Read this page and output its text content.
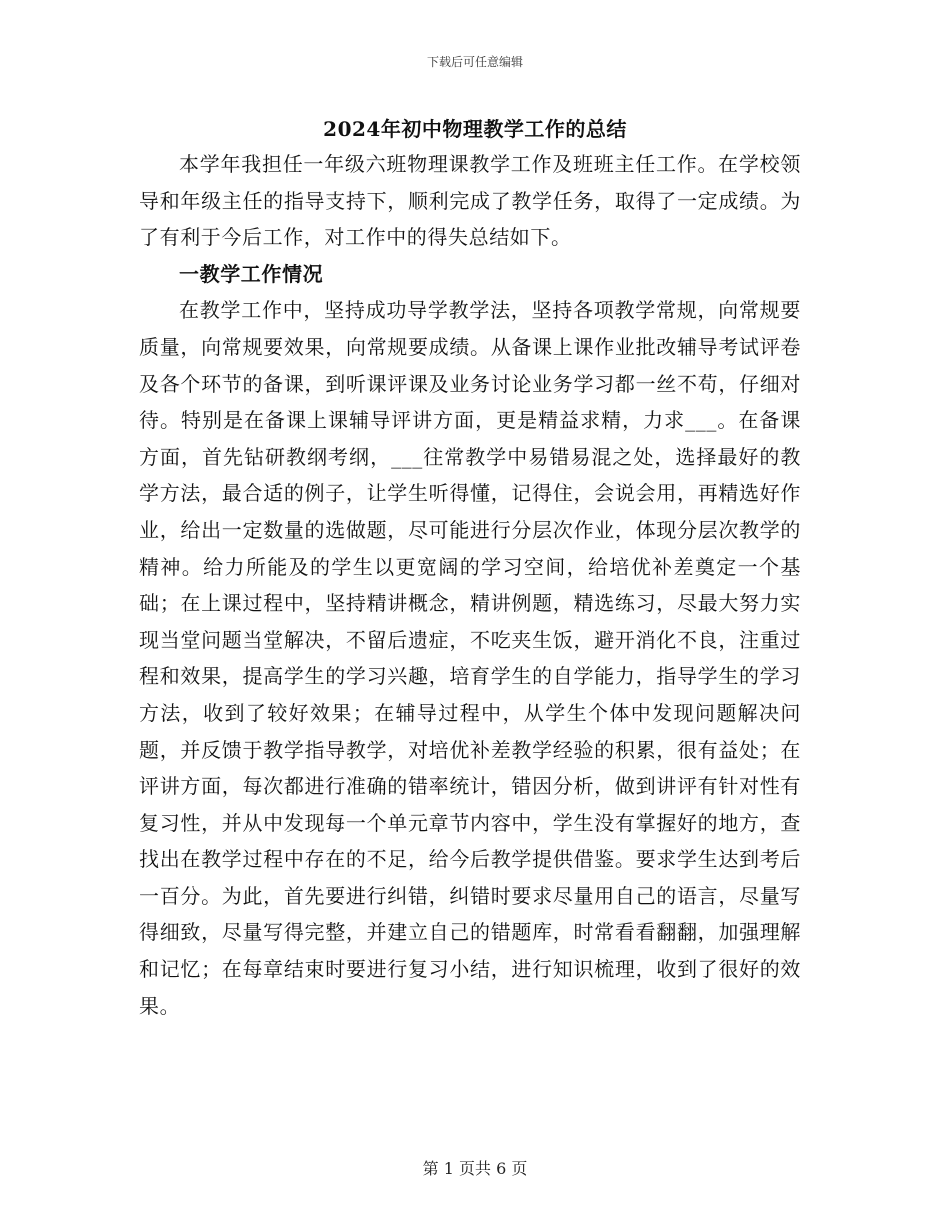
下载后可任意编辑
2024年初中物理教学工作的总结

本学年我担任一年级六班物理课教学工作及班班主任工作。在学校领导和年级主任的指导支持下，顺利完成了教学任务，取得了一定成绩。为了有利于今后工作，对工作中的得失总结如下。

一教学工作情况

在教学工作中，坚持成功导学教学法，坚持各项教学常规，向常规要质量，向常规要效果，向常规要成绩。从备课上课作业批改辅导考试评卷及各个环节的备课，到听课评课及业务讨论业务学习都一丝不苟，仔细对待。特别是在备课上课辅导评讲方面，更是精益求精，力求___。在备课方面，首先钻研教纲考纲，___往常教学中易错易混之处，选择最好的教学方法，最合适的例子，让学生听得懂，记得住，会说会用，再精选好作业，给出一定数量的选做题，尽可能进行分层次作业，体现分层次教学的精神。给力所能及的学生以更宽阔的学习空间，给培优补差奠定一个基础；在上课过程中，坚持精讲概念，精讲例题，精选练习，尽最大努力实现当堂问题当堂解决，不留后遗症，不吃夹生饭，避开消化不良，注重过程和效果，提高学生的学习兴趣，培育学生的自学能力，指导学生的学习方法，收到了较好效果；在辅导过程中，从学生个体中发现问题解决问题，并反馈于教学指导教学，对培优补差教学经验的积累，很有益处；在评讲方面，每次都进行准确的错率统计，错因分析，做到讲评有针对性有复习性，并从中发现每一个单元章节内容中，学生没有掌握好的地方，查找出在教学过程中存在的不足，给今后教学提供借鉴。要求学生达到考后一百分。为此，首先要进行纠错，纠错时要求尽量用自己的语言，尽量写得细致，尽量写得完整，并建立自己的错题库，时常看看翻翻，加强理解和记忆；在每章结束时要进行复习小结，进行知识梳理，收到了很好的效果。

第 1 页共 6 页
